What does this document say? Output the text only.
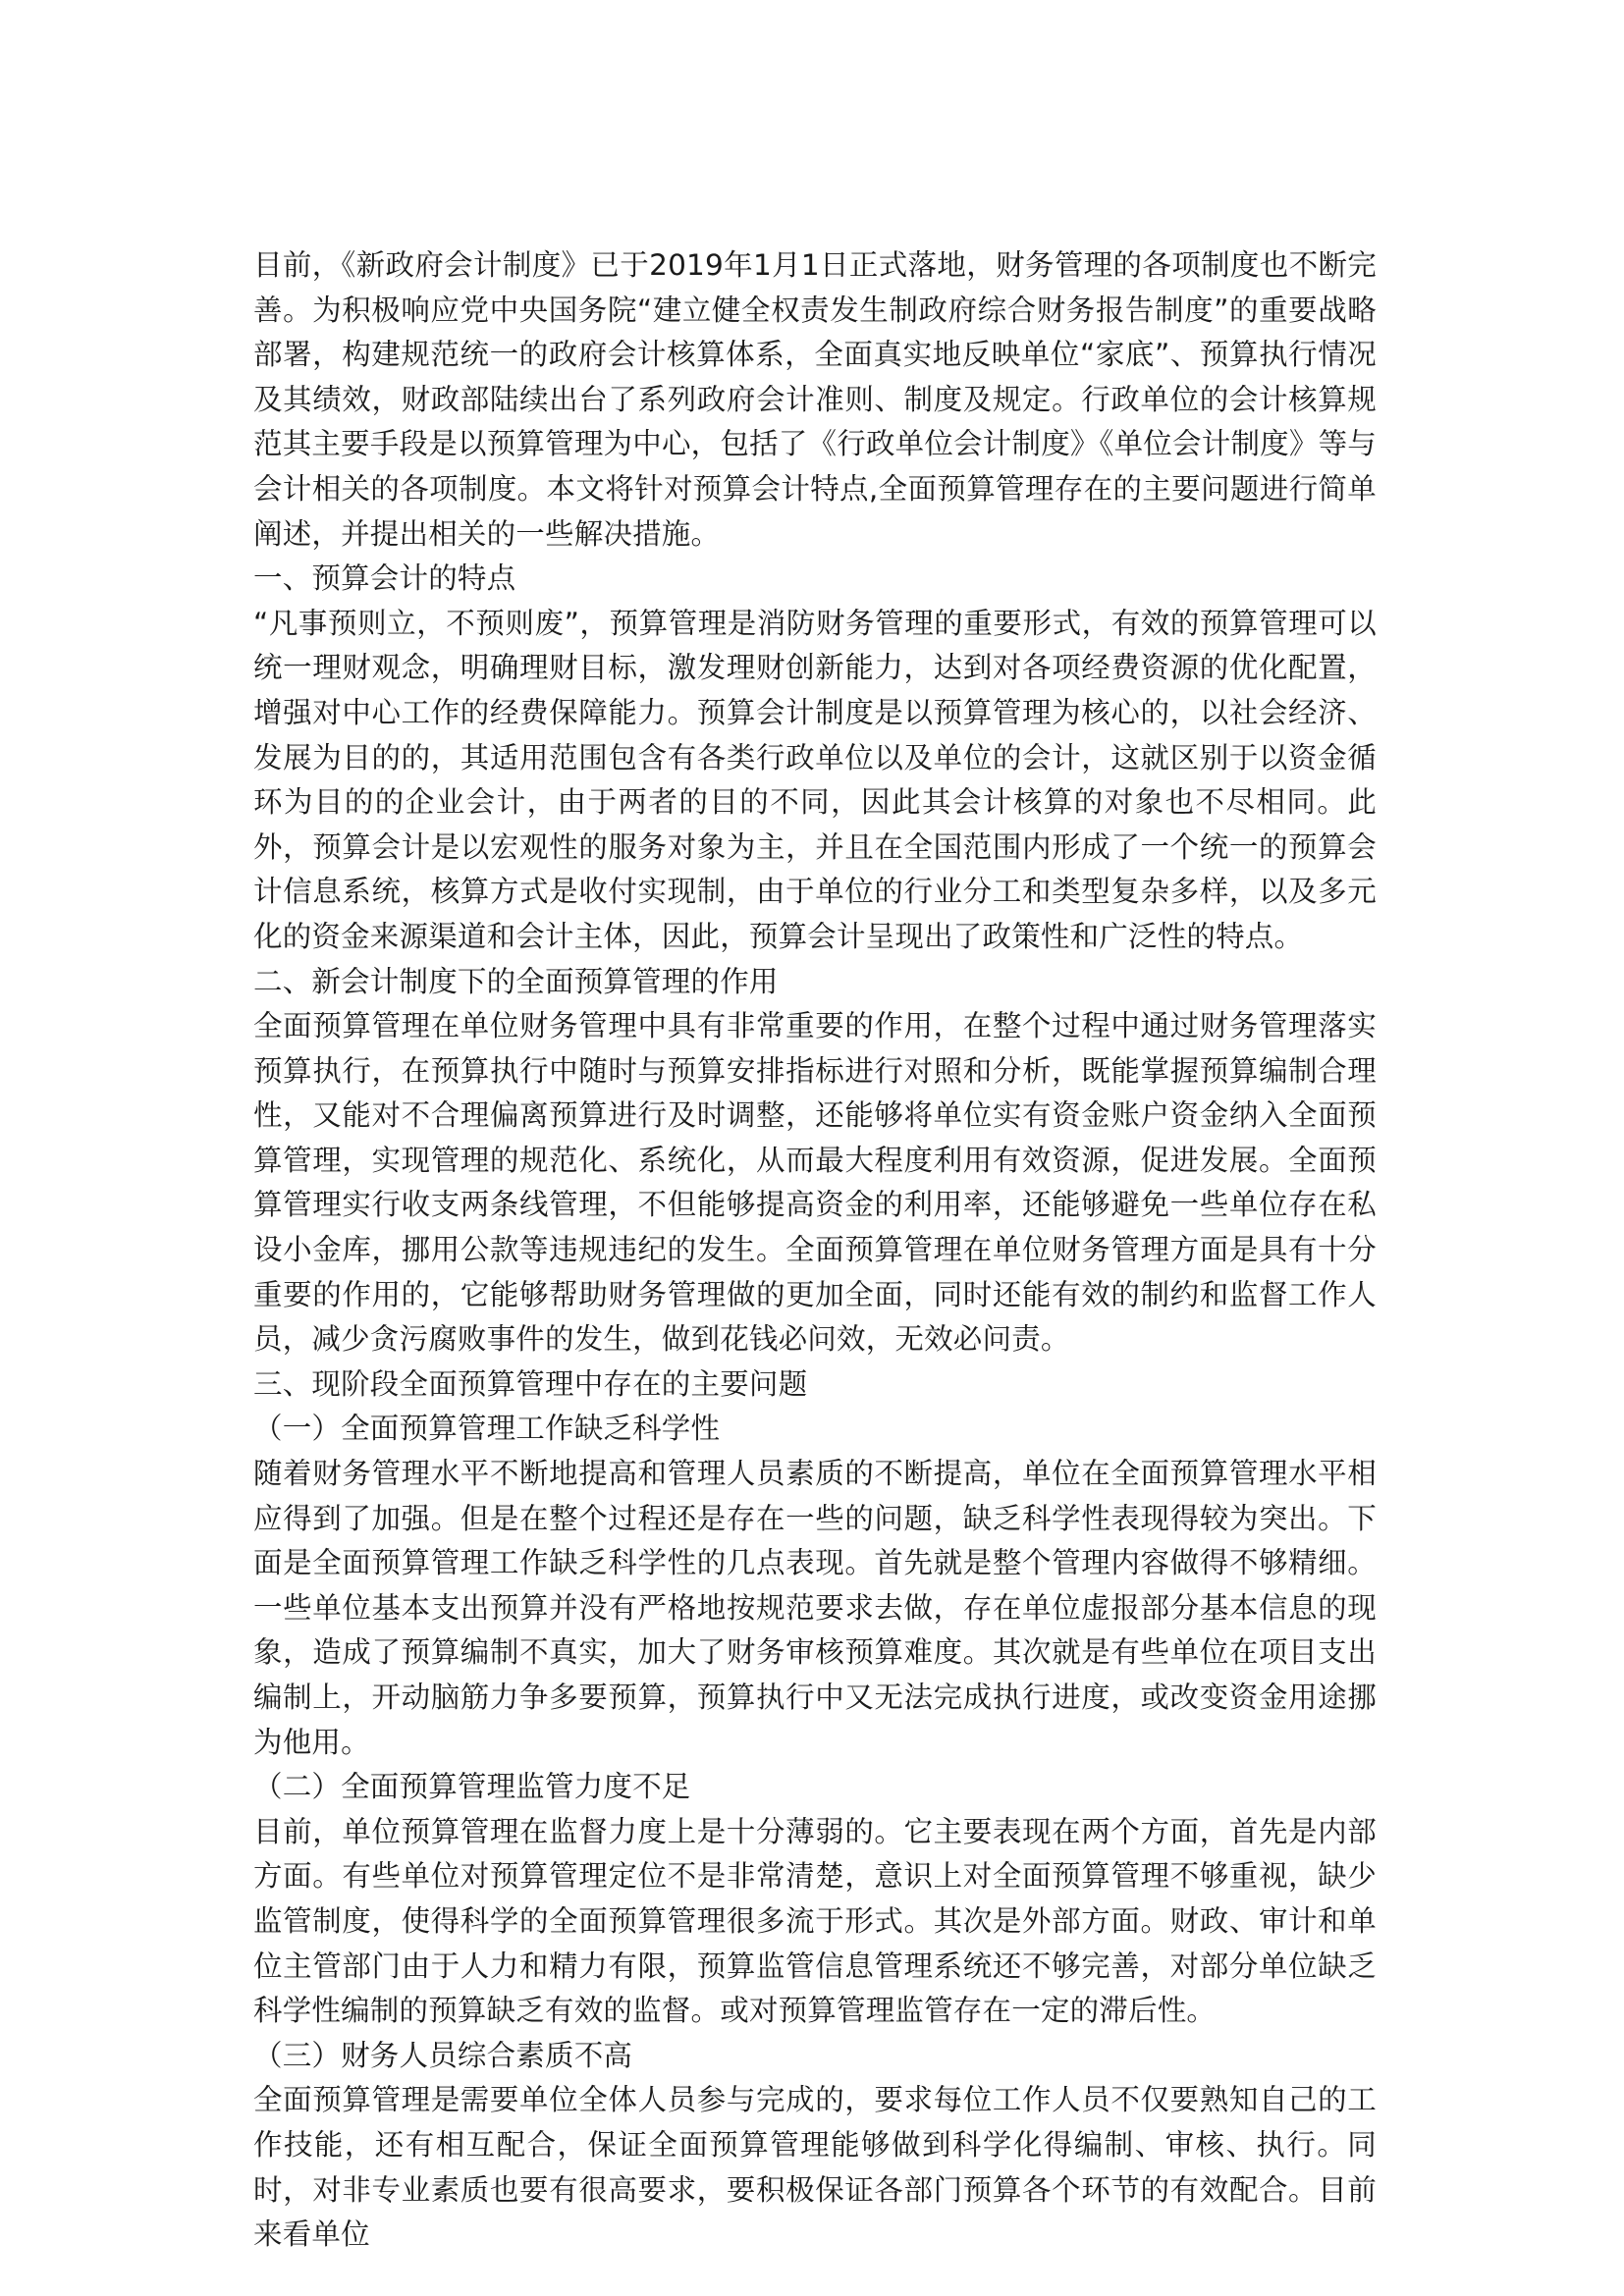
目前，《新政府会计制度》已于2019年1月1日正式落地，财务管理的各项制度也不断完善。为积极响应党中央国务院“建立健全权责发生制政府综合财务报告制度”的重要战略部署，构建规范统一的政府会计核算体系，全面真实地反映单位“家底”、预算执行情况及其绩效，财政部陆续出台了系列政府会计准则、制度及规定。行政单位的会计核算规范其主要手段是以预算管理为中心，包括了《行政单位会计制度》《单位会计制度》等与会计相关的各项制度。本文将针对预算会计特点,全面预算管理存在的主要问题进行简单阐述，并提出相关的一些解决措施。

一、预算会计的特点

“凡事预则立，不预则废”，预算管理是消防财务管理的重要形式，有效的预算管理可以统一理财观念，明确理财目标，激发理财创新能力，达到对各项经费资源的优化配置，增强对中心工作的经费保障能力。预算会计制度是以预算管理为核心的，以社会经济、发展为目的的，其适用范围包含有各类行政单位以及单位的会计，这就区别于以资金循环为目的的企业会计，由于两者的目的不同，因此其会计核算的对象也不尽相同。此外，预算会计是以宏观性的服务对象为主，并且在全国范围内形成了一个统一的预算会计信息系统，核算方式是收付实现制，由于单位的行业分工和类型复杂多样，以及多元化的资金来源渠道和会计主体，因此，预算会计呈现出了政策性和广泛性的特点。

二、新会计制度下的全面预算管理的作用

全面预算管理在单位财务管理中具有非常重要的作用，在整个过程中通过财务管理落实预算执行，在预算执行中随时与预算安排指标进行对照和分析，既能掌握预算编制合理性，又能对不合理偏离预算进行及时调整，还能够将单位实有资金账户资金纳入全面预算管理，实现管理的规范化、系统化，从而最大程度利用有效资源，促进发展。全面预算管理实行收支两条线管理，不但能够提高资金的利用率，还能够避免一些单位存在私设小金库，挪用公款等违规违纪的发生。全面预算管理在单位财务管理方面是具有十分重要的作用的，它能够帮助财务管理做的更加全面，同时还能有效的制约和监督工作人员，减少贪污腐败事件的发生，做到花钱必问效，无效必问责。

三、现阶段全面预算管理中存在的主要问题

（一）全面预算管理工作缺乏科学性

随着财务管理水平不断地提高和管理人员素质的不断提高，单位在全面预算管理水平相应得到了加强。但是在整个过程还是存在一些的问题，缺乏科学性表现得较为突出。下面是全面预算管理工作缺乏科学性的几点表现。首先就是整个管理内容做得不够精细。一些单位基本支出预算并没有严格地按规范要求去做，存在单位虚报部分基本信息的现象，造成了预算编制不真实，加大了财务审核预算难度。其次就是有些单位在项目支出编制上，开动脑筋力争多要预算，预算执行中又无法完成执行进度，或改变资金用途挪为他用。

（二）全面预算管理监管力度不足

目前，单位预算管理在监督力度上是十分薄弱的。它主要表现在两个方面，首先是内部方面。有些单位对预算管理定位不是非常清楚，意识上对全面预算管理不够重视，缺少监管制度，使得科学的全面预算管理很多流于形式。其次是外部方面。财政、审计和单位主管部门由于人力和精力有限，预算监管信息管理系统还不够完善，对部分单位缺乏科学性编制的预算缺乏有效的监督。或对预算管理监管存在一定的滞后性。

（三）财务人员综合素质不高

全面预算管理是需要单位全体人员参与完成的，要求每位工作人员不仅要熟知自己的工作技能，还有相互配合，保证全面预算管理能够做到科学化得编制、审核、执行。同时，对非专业素质也要有很高要求，要积极保证各部门预算各个环节的有效配合。目前来看单位
